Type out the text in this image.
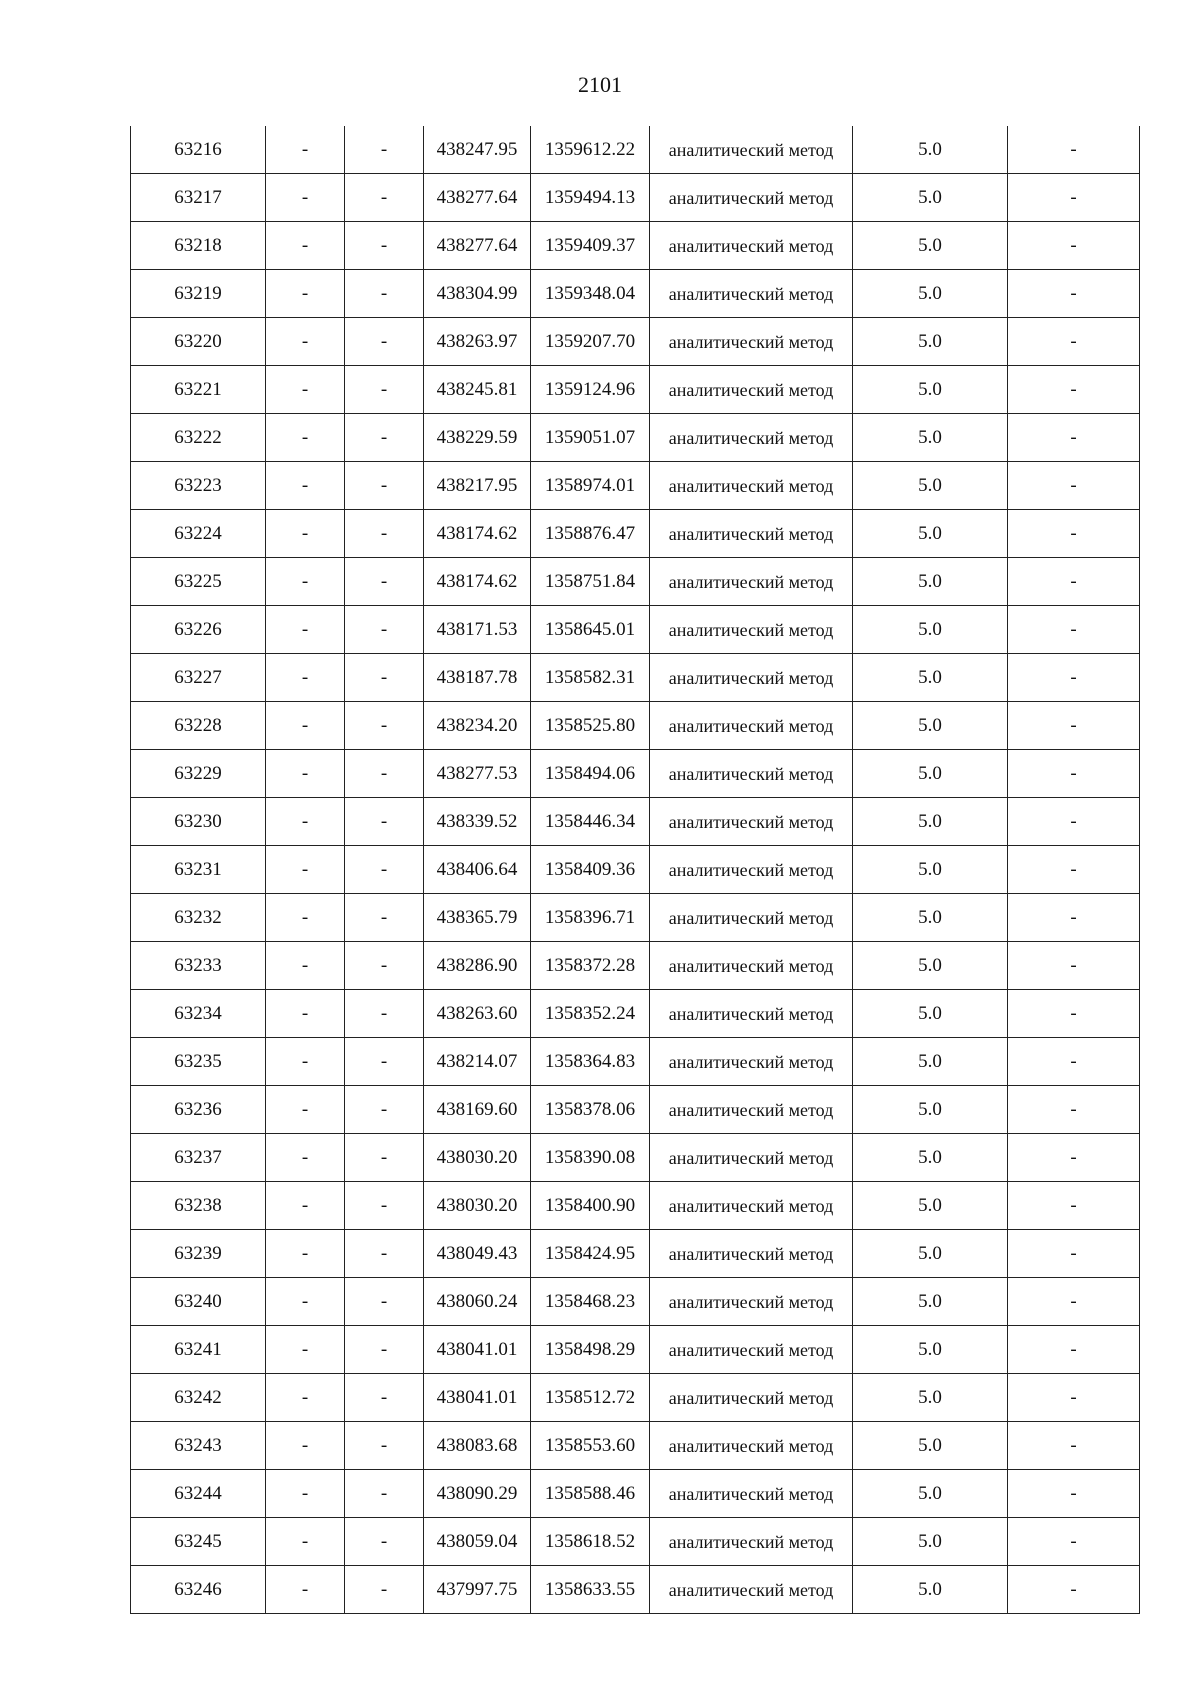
2101
63216	-	-	438247.95	1359612.22	аналитический метод	5.0	-
63217	-	-	438277.64	1359494.13	аналитический метод	5.0	-
63218	-	-	438277.64	1359409.37	аналитический метод	5.0	-
63219	-	-	438304.99	1359348.04	аналитический метод	5.0	-
63220	-	-	438263.97	1359207.70	аналитический метод	5.0	-
63221	-	-	438245.81	1359124.96	аналитический метод	5.0	-
63222	-	-	438229.59	1359051.07	аналитический метод	5.0	-
63223	-	-	438217.95	1358974.01	аналитический метод	5.0	-
63224	-	-	438174.62	1358876.47	аналитический метод	5.0	-
63225	-	-	438174.62	1358751.84	аналитический метод	5.0	-
63226	-	-	438171.53	1358645.01	аналитический метод	5.0	-
63227	-	-	438187.78	1358582.31	аналитический метод	5.0	-
63228	-	-	438234.20	1358525.80	аналитический метод	5.0	-
63229	-	-	438277.53	1358494.06	аналитический метод	5.0	-
63230	-	-	438339.52	1358446.34	аналитический метод	5.0	-
63231	-	-	438406.64	1358409.36	аналитический метод	5.0	-
63232	-	-	438365.79	1358396.71	аналитический метод	5.0	-
63233	-	-	438286.90	1358372.28	аналитический метод	5.0	-
63234	-	-	438263.60	1358352.24	аналитический метод	5.0	-
63235	-	-	438214.07	1358364.83	аналитический метод	5.0	-
63236	-	-	438169.60	1358378.06	аналитический метод	5.0	-
63237	-	-	438030.20	1358390.08	аналитический метод	5.0	-
63238	-	-	438030.20	1358400.90	аналитический метод	5.0	-
63239	-	-	438049.43	1358424.95	аналитический метод	5.0	-
63240	-	-	438060.24	1358468.23	аналитический метод	5.0	-
63241	-	-	438041.01	1358498.29	аналитический метод	5.0	-
63242	-	-	438041.01	1358512.72	аналитический метод	5.0	-
63243	-	-	438083.68	1358553.60	аналитический метод	5.0	-
63244	-	-	438090.29	1358588.46	аналитический метод	5.0	-
63245	-	-	438059.04	1358618.52	аналитический метод	5.0	-
63246	-	-	437997.75	1358633.55	аналитический метод	5.0	-
